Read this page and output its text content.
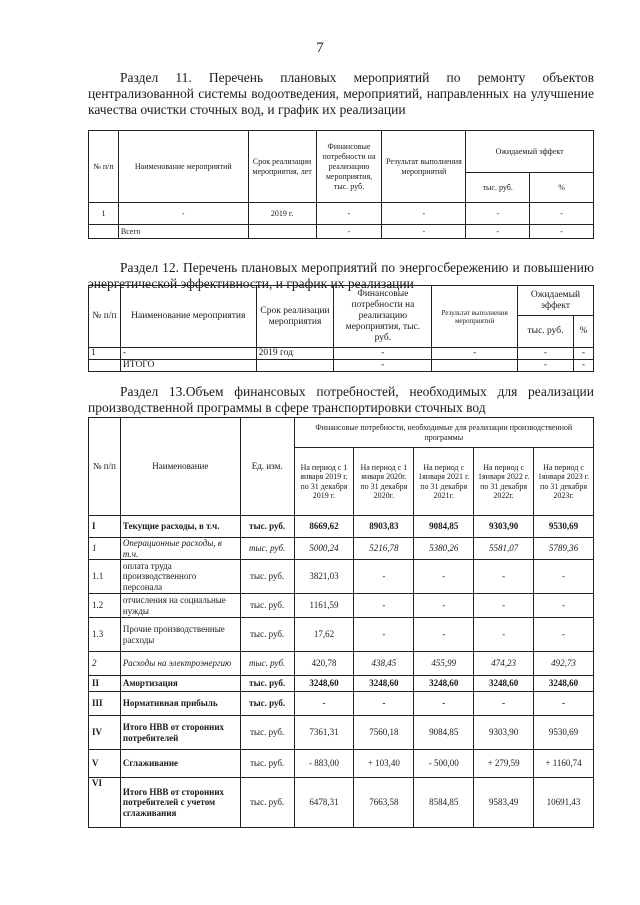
7
Раздел 11. Перечень плановых мероприятий по ремонту объектов централизованной системы водоотведения, мероприятий, направленных на улучшение качества очистки сточных вод, и график их реализации
№ п/п	Наименование мероприятий	Срок реализации мероприятия, лет	Финансовые потребности на реализацию мероприятия, тыс. руб.	Результат выполнения мероприятий	Ожидаемый эффект	
					тыс. руб.	%
1	-	2019 г.	-	-	-	-
	Всего		-	-	-	-
Раздел 12. Перечень плановых мероприятий по энергосбережению и повышению энергетической эффективности, и график их реализации
№ п/п	Наименование мероприятия	Срок реализации мероприятия	Финансовые потребности на реализацию мероприятия, тыс. руб.	Результат выполнения мероприятий	Ожидаемый эффект	
					тыс. руб.	%
1	-	2019 год	-	-	-	-
	ИТОГО		-		-	-
Раздел 13.Объем финансовых потребностей, необходимых для реализации производственной программы в сфере транспортировки сточных вод
№ п/п	Наименование	Ед. изм.	Финансовые потребности, необходимые для реализации производственной программы				
			На период с 1 января 2019 г. по 31 декабря 2019 г.	На период с 1 января 2020г. по 31 декабря 2020г.	На период с 1января 2021 г. по 31 декабря 2021г.	На период с 1января 2022 г. по 31 декабря 2022г.	На период с 1января 2023 г. по 31 декабря 2023г.
I	Текущие расходы, в т.ч.	тыс. руб.	8669,62	8903,83	9084,85	9303,90	9530,69
1	Операционные расходы, в т.ч.	тыс. руб.	5000,24	5216,78	5380,26	5581,07	5789,36
1.1	оплата труда производственного персонала	тыс. руб.	3821,03	-	-	-	-
1.2	отчисления на социальные нужды	тыс. руб.	1161,59	-	-	-	-
1.3	Прочие производственные расходы	тыс. руб.	17,62	-	-	-	-
2	Расходы на электроэнергию	тыс. руб.	420,78	438,45	455,99	474,23	492,73
II	Амортизация	тыс. руб.	3248,60	3248,60	3248,60	3248,60	3248,60
III	Нормативная прибыль	тыс. руб.	-	-	-	-	-
IV	Итого НВВ от сторонних потребителей	тыс. руб.	7361,31	7560,18	9084,85	9303,90	9530,69
V	Сглаживание	тыс. руб.	- 883,00	+ 103,40	- 500,00	+ 279,59	+ 1160,74
VI	Итого НВВ от сторонних потребителей с учетом сглаживания	тыс. руб.	6478,31	7663,58	8584,85	9583,49	10691,43
